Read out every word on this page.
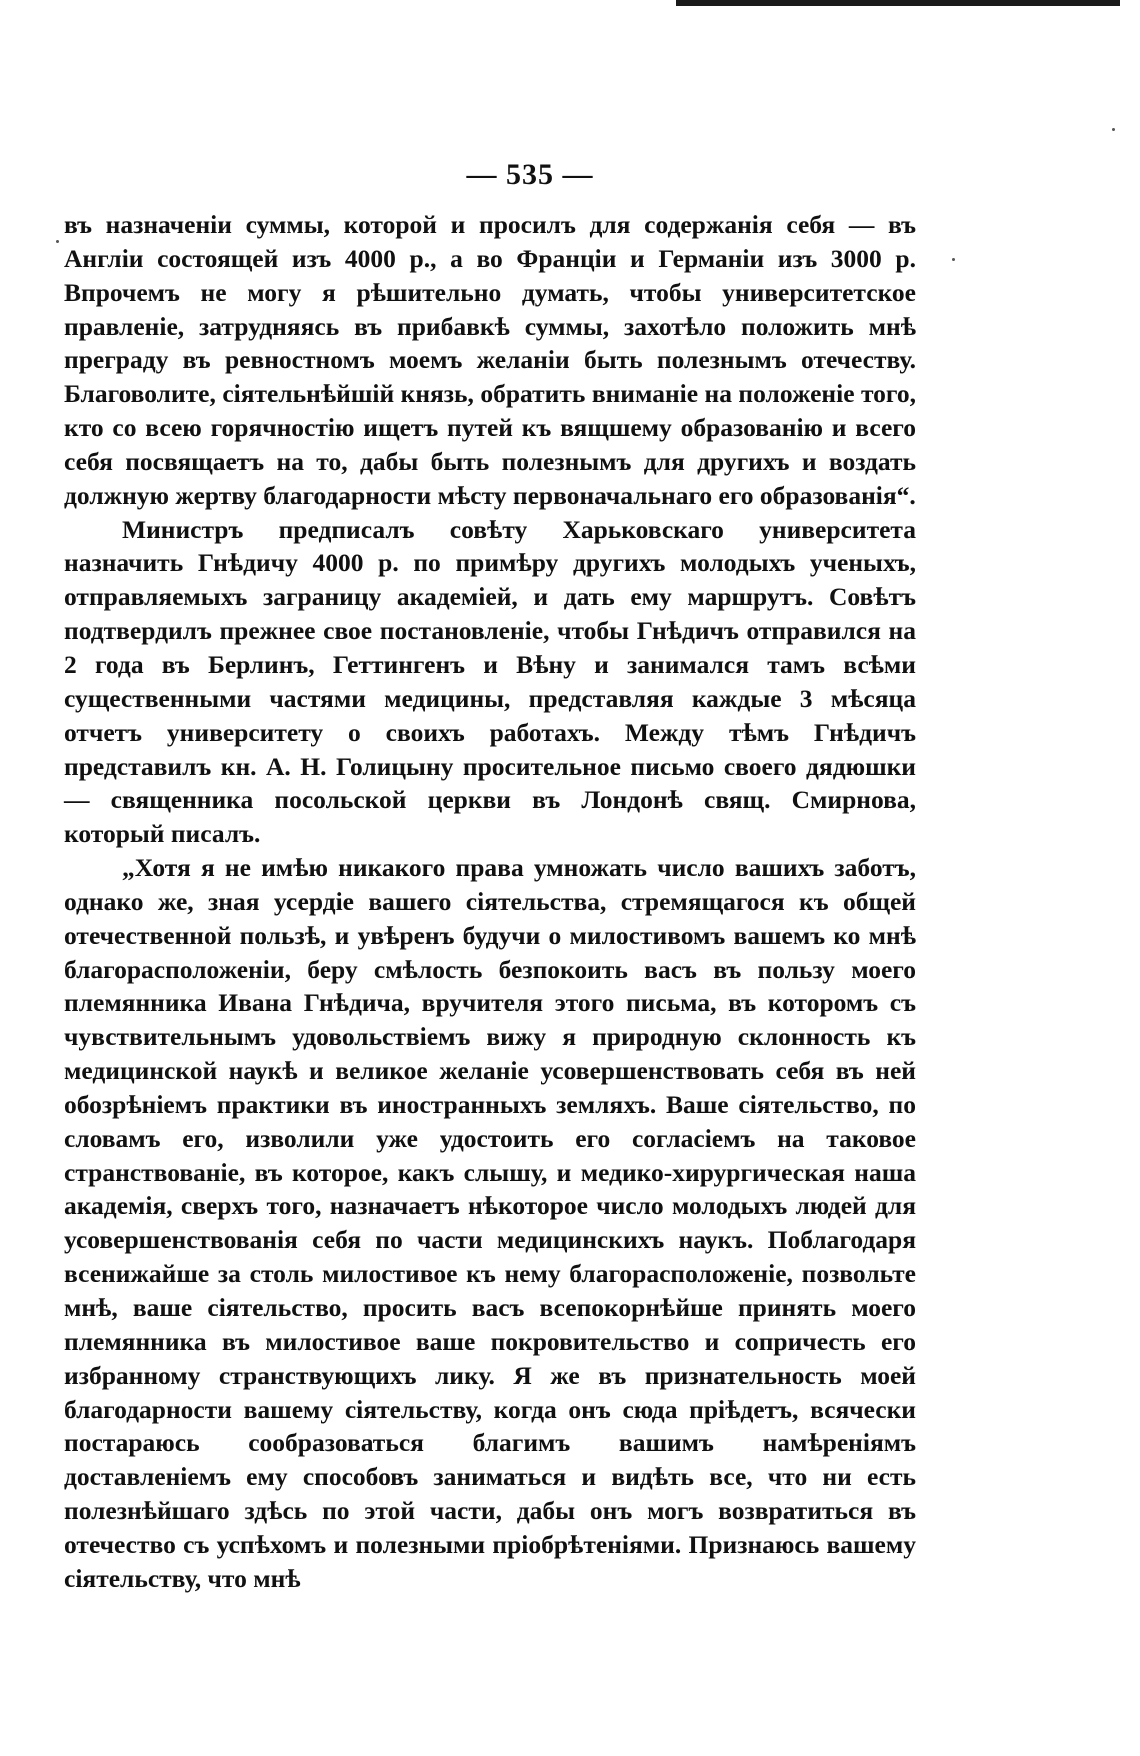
— 535 —

въ назначеніи суммы, которой и просилъ для содержанія себя — въ Англіи состоящей изъ 4000 р., а во Франціи и Германіи изъ 3000 р. Впрочемъ не могу я рѣшительно думать, чтобы университетское правленіе, затрудняясь въ прибавкѣ суммы, захотѣло положить мнѣ преграду въ ревностномъ моемъ желаніи быть полезнымъ отечеству. Благоволите, сіятельнѣйшій князь, обратить вниманіе на положеніе того, кто со всею горячностію ищетъ путей къ вящшему образованію и всего себя посвящаетъ на то, дабы быть полезнымъ для другихъ и воздать должную жертву благодарности мѣсту первоначальнаго его образованія“.

Министръ предписалъ совѣту Харьковскаго университета назначить Гнѣдичу 4000 р. по примѣру другихъ молодыхъ ученыхъ, отправляемыхъ заграницу академіей, и дать ему маршрутъ. Совѣтъ подтвердилъ прежнее свое постановленіе, чтобы Гнѣдичъ отправился на 2 года въ Берлинъ, Геттингенъ и Вѣну и занимался тамъ всѣми существенными частями медицины, представляя каждые 3 мѣсяца отчетъ университету о своихъ работахъ. Между тѣмъ Гнѣдичъ представилъ кн. А. Н. Голицыну просительное письмо своего дядюшки — священника посольской церкви въ Лондонѣ свящ. Смирнова, который писалъ.

„Хотя я не имѣю никакого права умножать число вашихъ заботъ, однако же, зная усердіе вашего сіятельства, стремящагося къ общей отечественной пользѣ, и увѣренъ будучи о милостивомъ вашемъ ко мнѣ благорасположеніи, беру смѣлость безпокоить васъ въ пользу моего племянника Ивана Гнѣдича, вручителя этого письма, въ которомъ съ чувствительнымъ удовольствіемъ вижу я природную склонность къ медицинской наукѣ и великое желаніе усовершенствовать себя въ ней обозрѣніемъ практики въ иностранныхъ земляхъ. Ваше сіятельство, по словамъ его, изволили уже удостоить его согласіемъ на таковое странствованіе, въ которое, какъ слышу, и медико-хирургическая наша академія, сверхъ того, назначаетъ нѣкоторое число молодыхъ людей для усовершенствованія себя по части медицинскихъ наукъ. Поблагодаря всенижайше за столь милостивое къ нему благорасположеніе, позвольте мнѣ, ваше сіятельство, просить васъ всепокорнѣйше принять моего племянника въ милостивое ваше покровительство и сопричесть его избранному странствующихъ лику. Я же въ признательность моей благодарности вашему сіятельству, когда онъ сюда пріѣдетъ, всячески постараюсь сообразоваться благимъ вашимъ намѣреніямъ доставленіемъ ему способовъ заниматься и видѣть все, что ни есть полезнѣйшаго здѣсь по этой части, дабы онъ могъ возвратиться въ отечество съ успѣхомъ и полезными пріобрѣтеніями. Признаюсь вашему сіятельству, что мнѣ
